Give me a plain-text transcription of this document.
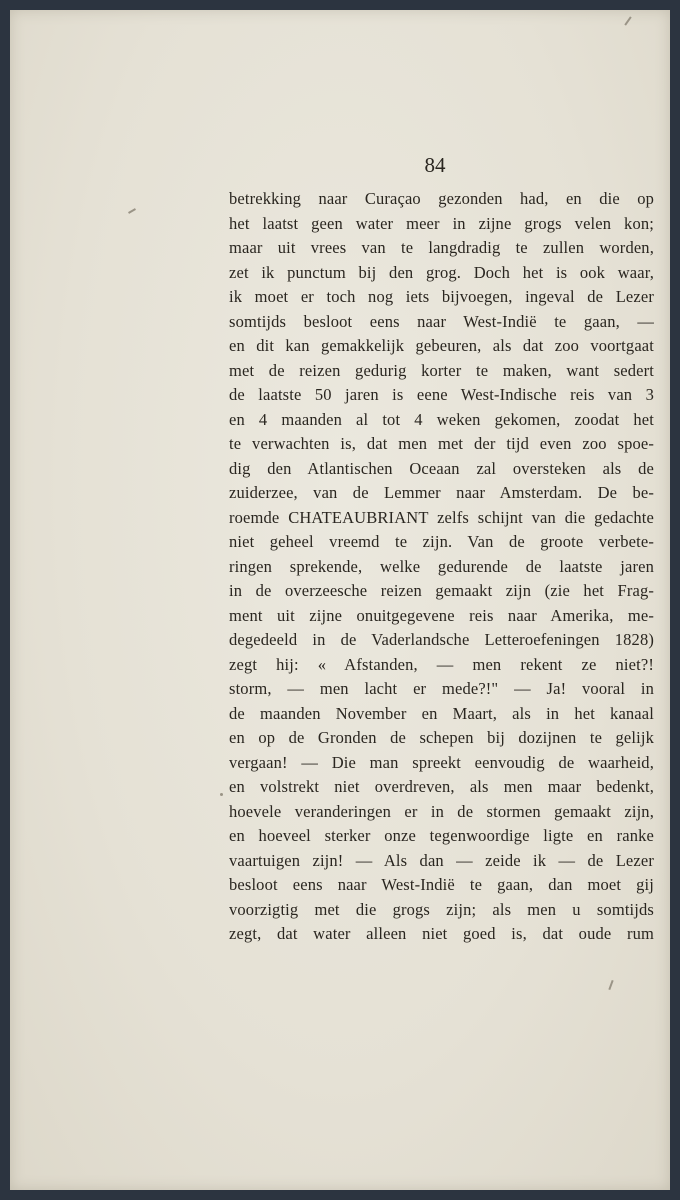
84
betrekking naar Curaçao gezonden had, en die op
het laatst geen water meer in zijne grogs velen kon;
maar uit vrees van te langdradig te zullen worden,
zet ik punctum bij den grog. Doch het is ook waar,
ik moet er toch nog iets bijvoegen, ingeval de Lezer
somtijds besloot eens naar West-Indië te gaan, —
en dit kan gemakkelijk gebeuren, als dat zoo voortgaat
met de reizen gedurig korter te maken, want sedert
de laatste 50 jaren is eene West-Indische reis van 3
en 4 maanden al tot 4 weken gekomen, zoodat het
te verwachten is, dat men met der tijd even zoo spoe-
dig den Atlantischen Oceaan zal oversteken als de
zuiderzee, van de Lemmer naar Amsterdam. De be-
roemde CHATEAUBRIANT zelfs schijnt van die gedachte
niet geheel vreemd te zijn. Van de groote verbete-
ringen sprekende, welke gedurende de laatste jaren
in de overzeesche reizen gemaakt zijn (zie het Frag-
ment uit zijne onuitgegevene reis naar Amerika, me-
degedeeld in de Vaderlandsche Letteroefeningen 1828)
zegt hij: « Afstanden, — men rekent ze niet?!
storm, — men lacht er mede?!" — Ja! vooral in
de maanden November en Maart, als in het kanaal
en op de Gronden de schepen bij dozijnen te gelijk
vergaan! — Die man spreekt eenvoudig de waarheid,
en volstrekt niet overdreven, als men maar bedenkt,
hoevele veranderingen er in de stormen gemaakt zijn,
en hoeveel sterker onze tegenwoordige ligte en ranke
vaartuigen zijn! — Als dan — zeide ik — de Lezer
besloot eens naar West-Indië te gaan, dan moet gij
voorzigtig met die grogs zijn; als men u somtijds
zegt, dat water alleen niet goed is, dat oude rum
